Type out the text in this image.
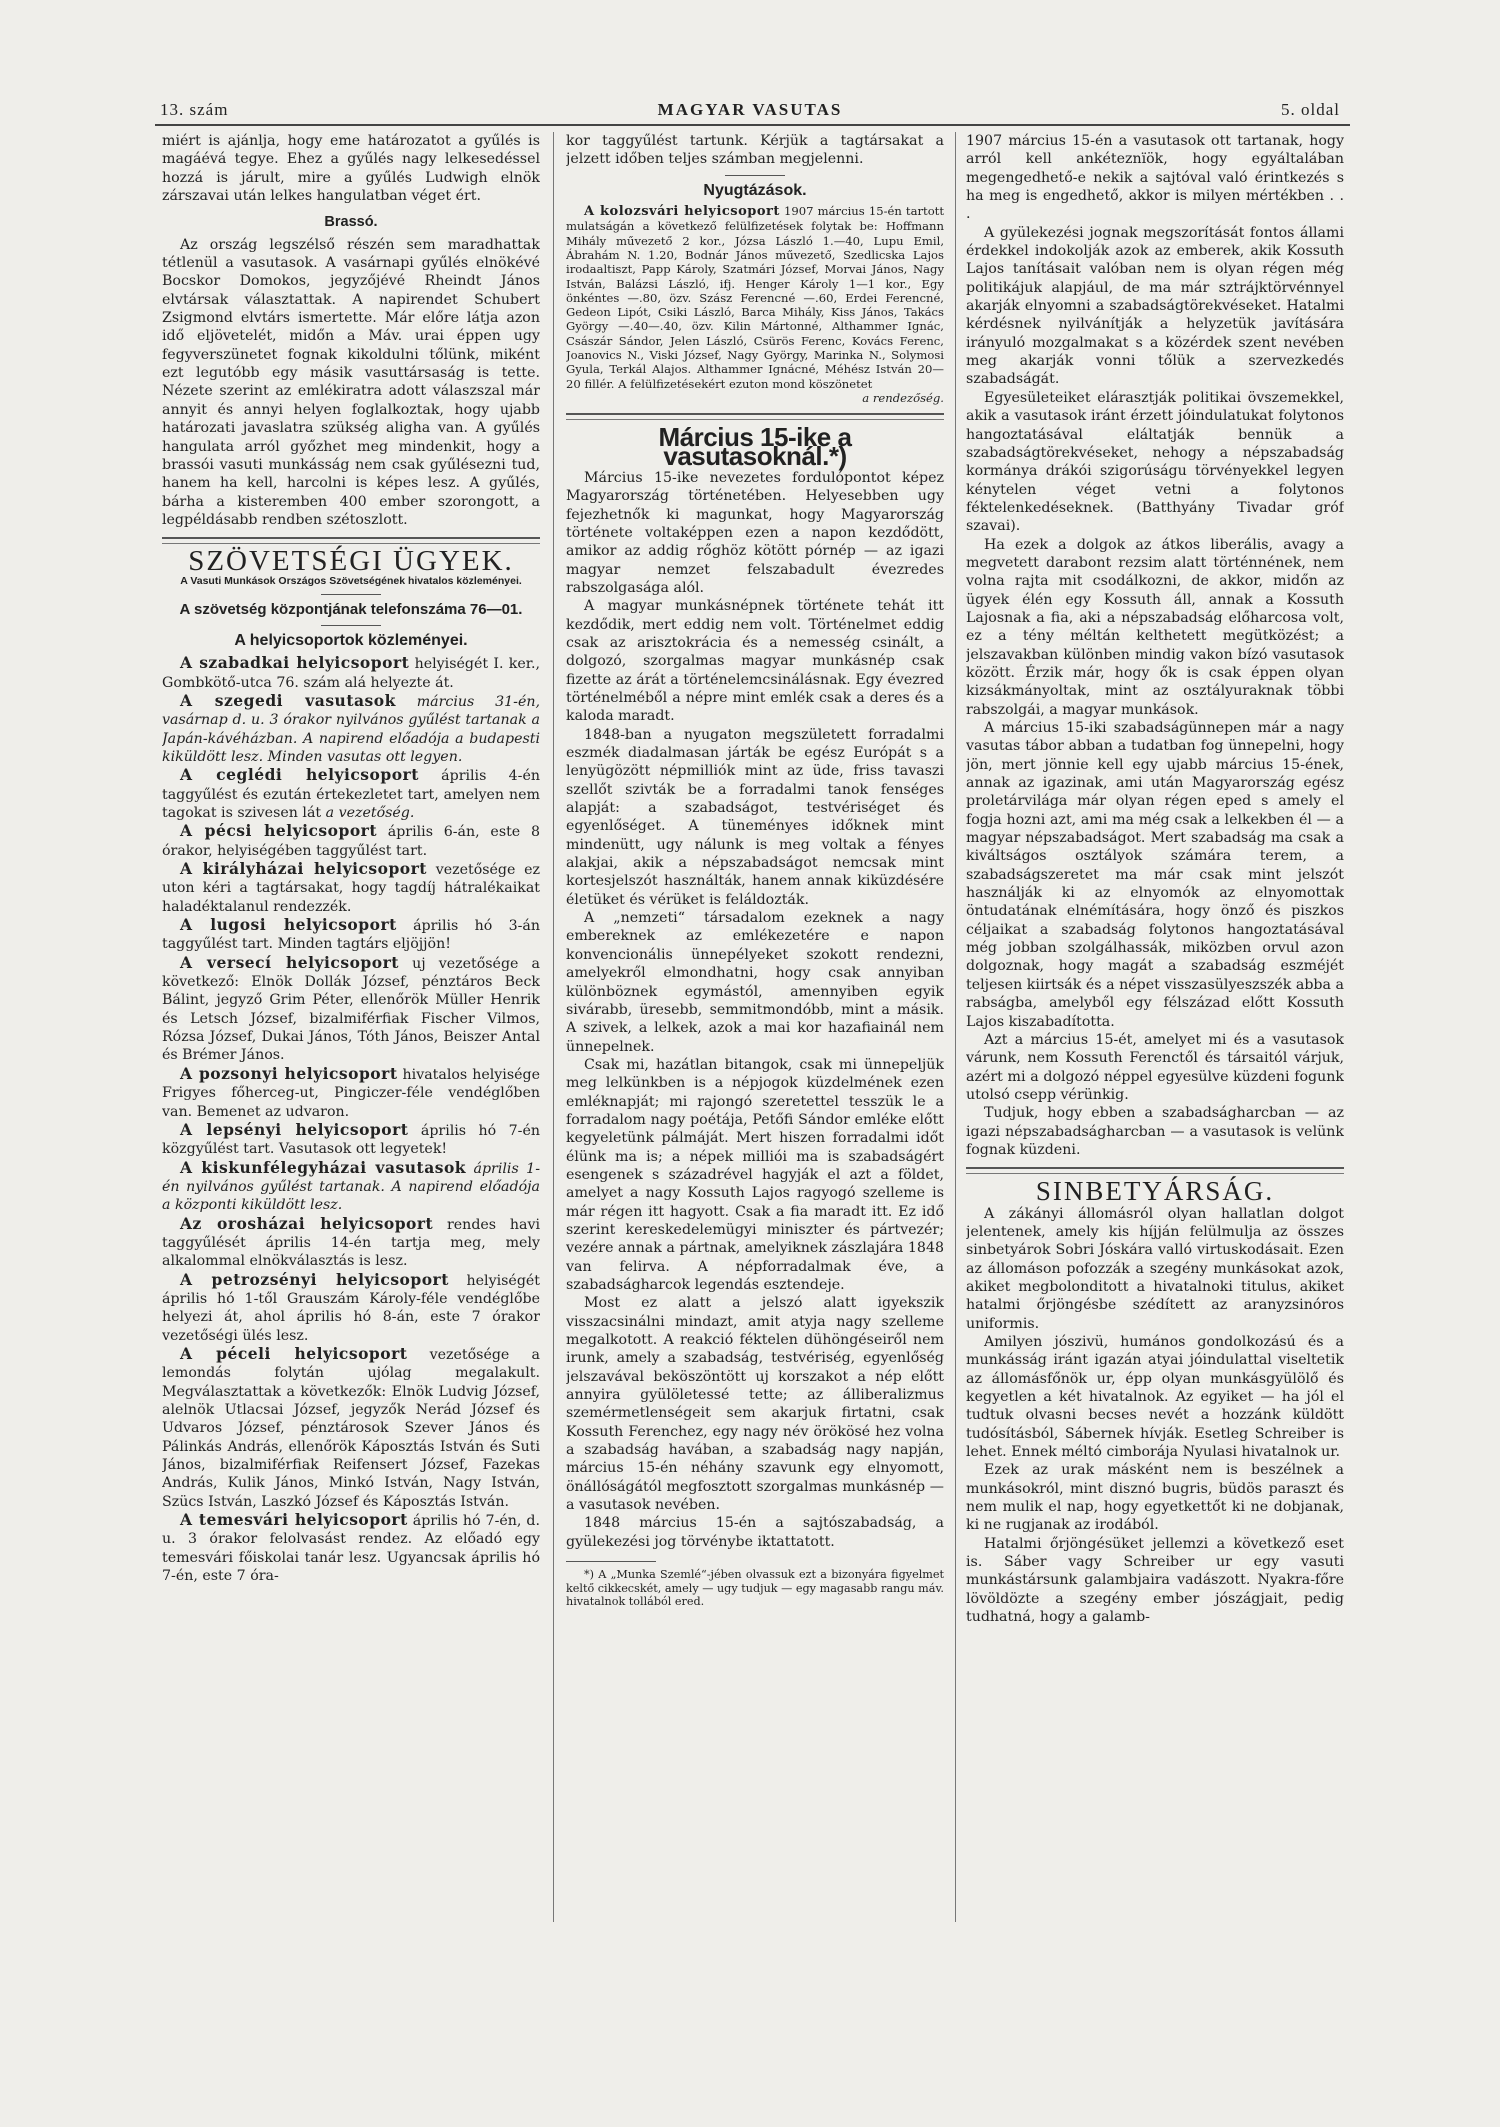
13. szám	MAGYAR VASUTAS	5. oldal

miért is ajánlja, hogy eme határozatot a gyűlés is magáévá tegye. Ehez a gyűlés nagy lelkesedéssel hozzá is járult, mire a gyűlés Ludwigh elnök zárszavai után lelkes hangulatban véget ért.

Brassó.

Az ország legszélső részén sem maradhattak tétlenül a vasutasok. A vasárnapi gyűlés elnökévé Bocskor Domokos, jegyzőjévé Rheindt János elvtársak választattak. A napirendet Schubert Zsigmond elvtárs ismertette. Már előre látja azon idő eljövetelét, midőn a Máv. urai éppen ugy fegyverszünetet fognak kikoldulni tőlünk, miként ezt legutóbb egy másik vasuttársaság is tette. Nézete szerint az emlékiratra adott válaszszal már annyit és annyi helyen foglalkoztak, hogy ujabb határozati javaslatra szükség aligha van. A gyűlés hangulata arról győzhet meg mindenkit, hogy a brassói vasuti munkásság nem csak gyűlésezni tud, hanem ha kell, harcolni is képes lesz. A gyűlés, bárha a kisteremben 400 ember szorongott, a legpéldásabb rendben szétoszlott.

SZÖVETSÉGI ÜGYEK.
A Vasuti Munkások Országos Szövetségének hivatalos közleményei.
A szövetség központjának telefonszáma 76—01.
A helyicsoportok közleményei.

A szabadkai helyicsoport helyiségét I. ker., Gombkötő-utca 76. szám alá helyezte át.

A szegedi vasutasok március 31-én, vasárnap d. u. 3 órakor nyilvános gyűlést tartanak a Japán-kávéházban. A napirend előadója a budapesti kiküldött lesz. Minden vasutas ott legyen.

A ceglédi helyicsoport április 4-én taggyűlést és ezután értekezletet tart, amelyen nem tagokat is szivesen lát a vezetőség.

A pécsi helyicsoport április 6-án, este 8 órakor, helyiségében taggyűlést tart.

A királyházai helyicsoport vezetősége ez uton kéri a tagtársakat, hogy tagdíj hátralékaikat haladéktalanul rendezzék.

A lugosi helyicsoport április hó 3-án taggyűlést tart. Minden tagtárs eljöjjön!

A versecí helyicsoport uj vezetősége a következő: Elnök Dollák József, pénztáros Beck Bálint, jegyző Grim Péter, ellenőrök Müller Henrik és Letsch József, bizalmiférfiak Fischer Vilmos, Rózsa József, Dukai János, Tóth János, Beiszer Antal és Brémer János.

A pozsonyi helyicsoport hivatalos helyisége Frigyes főherceg-ut, Pingiczer-féle vendéglőben van. Bemenet az udvaron.

A lepsényi helyicsoport április hó 7-én közgyűlést tart. Vasutasok ott legyetek!

A kiskunfélegyházai vasutasok április 1-én nyilvános gyűlést tartanak. A napirend előadója a központi kiküldött lesz.

Az orosházai helyicsoport rendes havi taggyűlését április 14-én tartja meg, mely alkalommal elnökválasztás is lesz.

A petrozsényi helyicsoport helyiségét április hó 1-től Grauszám Károly-féle vendéglőbe helyezi át, ahol április hó 8-án, este 7 órakor vezetőségi ülés lesz.

A péceli helyicsoport vezetősége a lemondás folytán ujólag megalakult. Megválasztattak a következők: Elnök Ludvig József, alelnök Utlacsai József, jegyzők Nerád József és Udvaros József, pénztárosok Szever János és Pálinkás András, ellenőrök Káposztás István és Suti János, bizalmiférfiak Reifensert József, Fazekas András, Kulik János, Minkó István, Nagy István, Szücs István, Laszkó József és Káposztás István.

A temesvári helyicsoport április hó 7-én, d. u. 3 órakor felolvasást rendez. Az előadó egy temesvári főiskolai tanár lesz. Ugyancsak április hó 7-én, este 7 óra-

kor taggyűlést tartunk. Kérjük a tagtársakat a jelzett időben teljes számban megjelenni.

Nyugtázások.

A kolozsvári helyicsoport 1907 március 15-én tartott mulatságán a következő felülfizetések folytak be: Hoffmann Mihály művezető 2 kor., Józsa László 1.—40, Lupu Emil, Ábrahám N. 1.20, Bodnár János művezető, Szedlicska Lajos irodaaltiszt, Papp Károly, Szatmári József, Morvai János, Nagy István, Balázsi László, ifj. Henger Károly 1—1 kor., Egy önkéntes —.80, özv. Szász Ferencné —.60, Erdei Ferencné, Gedeon Lipót, Csiki László, Barca Mihály, Kiss János, Takács György —.40—.40, özv. Kilin Mártonné, Althammer Ignác, Császár Sándor, Jelen László, Csürös Ferenc, Kovács Ferenc, Joanovics N., Viski József, Nagy György, Marinka N., Solymosi Gyula, Terkál Alajos. Althammer Ignácné, Méhész István 20—20 fillér. A felülfizetésekért ezuton mond köszönetet

a rendezőség.
Március 15-ike a vasutasoknál.*)

Március 15-ike nevezetes fordulópontot képez Magyarország történetében. Helyesebben ugy fejezhetnők ki magunkat, hogy Magyarország története voltaképpen ezen a napon kezdődött, amikor az addig rőghöz kötött pórnép — az igazi magyar nemzet felszabadult évezredes rabszolgasága alól.

A magyar munkásnépnek története tehát itt kezdődik, mert eddig nem volt. Történelmet eddig csak az arisztokrácia és a nemesség csinált, a dolgozó, szorgalmas magyar munkásnép csak fizette az árát a történelemcsinálásnak. Egy évezred történelméből a népre mint emlék csak a deres és a kaloda maradt.

1848-ban a nyugaton megszületett forradalmi eszmék diadalmasan járták be egész Európát s a lenyügözött népmilliók mint az üde, friss tavaszi szellőt szivták be a forradalmi tanok fenséges alapját: a szabadságot, testvériséget és egyenlőséget. A tüneményes időknek mint mindenütt, ugy nálunk is meg voltak a fényes alakjai, akik a népszabadságot nemcsak mint kortesjelszót használták, hanem annak kiküzdésére életüket és vérüket is feláldozták.

A „nemzeti“ társadalom ezeknek a nagy embereknek az emlékezetére e napon konvencionális ünnepélyeket szokott rendezni, amelyekről elmondhatni, hogy csak annyiban különböznek egymástól, amennyiben egyik sivárabb, üresebb, semmitmondóbb, mint a másik. A szivek, a lelkek, azok a mai kor hazafiainál nem ünnepelnek.

Csak mi, hazátlan bitangok, csak mi ünnepeljük meg lelkünkben is a népjogok küzdelmének ezen emléknapját; mi rajongó szeretettel tesszük le a forradalom nagy poétája, Petőfi Sándor emléke előtt kegyeletünk pálmáját. Mert hiszen forradalmi időt élünk ma is; a népek milliói ma is szabadságért esengenek s századrével hagyják el azt a földet, amelyet a nagy Kossuth Lajos ragyogó szelleme is már régen itt hagyott. Csak a fia maradt itt. Ez idő szerint kereskedelemügyi miniszter és pártvezér; vezére annak a pártnak, amelyiknek zászlajára 1848 van felirva. A népforradalmak éve, a szabadságharcok legendás esztendeje.

Most ez alatt a jelszó alatt igyekszik visszacsinálni mindazt, amit atyja nagy szelleme megalkotott. A reakció féktelen dühöngéseiről nem irunk, amely a szabadság, testvériség, egyenlőség jelszavával beköszöntött uj korszakot a nép előtt annyira gyülöletessé tette; az álliberalizmus szemérmetlenségeit sem akarjuk firtatni, csak Kossuth Ferenchez, egy nagy név örökösé hez volna a szabadság havában, a szabadság nagy napján, március 15-én néhány szavunk egy elnyomott, önállóságától megfosztott szorgalmas munkásnép — a vasutasok nevében.

1848 március 15-én a sajtószabadság, a gyülekezési jog törvénybe iktattatott.

*) A „Munka Szemlé“-jében olvassuk ezt a bizonyára figyelmet keltő cikkecskét, amely — ugy tudjuk — egy magasabb rangu máv. hivatalnok tollából ered.

1907 március 15-én a vasutasok ott tartanak, hogy arról kell ankéteznïök, hogy egyáltalában megengedhető-e nekik a sajtóval való érintkezés s ha meg is engedhető, akkor is milyen mértékben . . .

A gyülekezési jognak megszorítását fontos állami érdekkel indokolják azok az emberek, akik Kossuth Lajos tanításait valóban nem is olyan régen még politikájuk alapjául, de ma már sztrájktörvénnyel akarják elnyomni a szabadságtörekvéseket. Hatalmi kérdésnek nyilvánítják a helyzetük javítására irányuló mozgalmakat s a közérdek szent nevében meg akarják vonni tőlük a szervezkedés szabadságát.

Egyesületeiket elárasztják politikai övszemekkel, akik a vasutasok iránt érzett jóindulatukat folytonos hangoztatásával eláltatják bennük a szabadságtörekvéseket, nehogy a népszabadság kormánya drákói szigorúságu törvényekkel legyen kénytelen véget vetni a folytonos féktelenkedéseknek. (Batthyány Tivadar gróf szavai).

Ha ezek a dolgok az átkos liberális, avagy a megvetett darabont rezsim alatt történnének, nem volna rajta mit csodálkozni, de akkor, midőn az ügyek élén egy Kossuth áll, annak a Kossuth Lajosnak a fia, aki a népszabadság előharcosa volt, ez a tény méltán kelthetett megütközést; a jelszavakban különben mindig vakon bízó vasutasok között. Érzik már, hogy ők is csak éppen olyan kizsákmányoltak, mint az osztályuraknak többi rabszolgái, a magyar munkások.

A március 15-iki szabadságünnepen már a nagy vasutas tábor abban a tudatban fog ünnepelni, hogy jön, mert jönnie kell egy ujabb március 15-ének, annak az igazinak, ami után Magyarország egész proletárvilága már olyan régen eped s amely el fogja hozni azt, ami ma még csak a lelkekben él — a magyar népszabadságot. Mert szabadság ma csak a kiváltságos osztályok számára terem, a szabadságszeretet ma már csak mint jelszót használják ki az elnyomók az elnyomottak öntudatának elnémítására, hogy önző és piszkos céljaikat a szabadság folytonos hangoztatásával még jobban szolgálhassák, miközben orvul azon dolgoznak, hogy magát a szabadság eszméjét teljesen kiirtsák és a népet visszasülyeszszék abba a rabságba, amelyből egy félszázad előtt Kossuth Lajos kiszabadította.

Azt a március 15-ét, amelyet mi és a vasutasok várunk, nem Kossuth Ferenctől és társaitól várjuk, azért mi a dolgozó néppel egyesülve küzdeni fogunk utolsó csepp vérünkig.

Tudjuk, hogy ebben a szabadságharcban — az igazi népszabadságharcban — a vasutasok is velünk fognak küzdeni.

SINBETYÁRSÁG.

A zákányi állomásról olyan hallatlan dolgot jelentenek, amely kis híjján felülmulja az összes sinbetyárok Sobri Jóskára valló virtuskodásait. Ezen az állomáson pofozzák a szegény munkásokat azok, akiket megbolonditott a hivatalnoki titulus, akiket hatalmi őrjöngésbe szédített az aranyzsinóros uniformis.

Amilyen jószivü, humános gondolkozású és a munkásság iránt igazán atyai jóindulattal viseltetik az állomásfőnök ur, épp olyan munkásgyülölő és kegyetlen a két hivatalnok. Az egyiket — ha jól el tudtuk olvasni becses nevét a hozzánk küldött tudósításból, Sábernek hívják. Esetleg Schreiber is lehet. Ennek méltó cimborája Nyulasi hivatalnok ur.

Ezek az urak másként nem is beszélnek a munkásokról, mint disznó bugris, büdös paraszt és nem mulik el nap, hogy egyetkettőt ki ne dobjanak, ki ne rugjanak az irodából.

Hatalmi őrjöngésüket jellemzi a következő eset is. Sáber vagy Schreiber ur egy vasuti munkástársunk galambjaira vadászott. Nyakra-főre lövöldözte a szegény ember jószágjait, pedig tudhatná, hogy a galamb-
